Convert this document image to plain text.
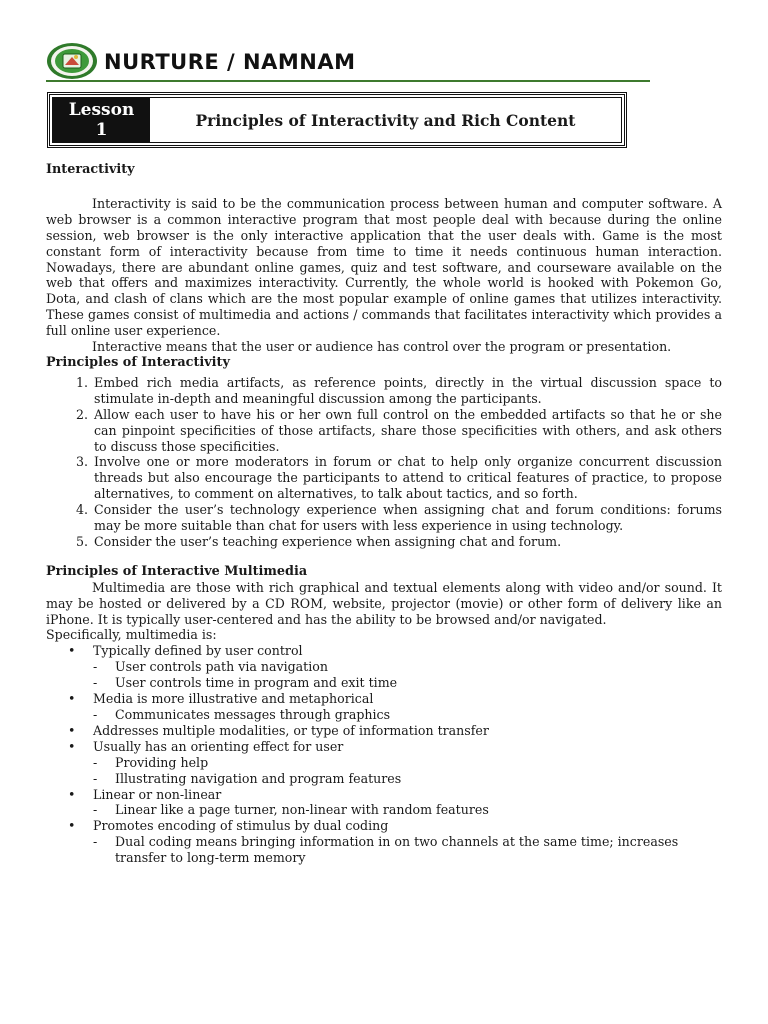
NURTURE / NAMNAM
Lesson
1	Principles of Interactivity and Rich Content
Interactivity

Interactivity is said to be the communication process between human and computer software. A web browser is a common interactive program that most people deal with because during the online session, web browser is the only interactive application that the user deals with. Game is the most constant form of interactivity because from time to time it needs continuous human interaction. Nowadays, there are abundant online games, quiz and test software, and courseware available on the web that offers and maximizes interactivity. Currently, the whole world is hooked with Pokemon Go, Dota, and clash of clans which are the most popular example of online games that utilizes interactivity. These games consist of multimedia and actions / commands that facilitates interactivity which provides a full online user experience.

Interactive means that the user or audience has control over the program or presentation.

Principles of Interactivity
1. Embed rich media artifacts, as reference points, directly in the virtual discussion space to stimulate in-depth and meaningful discussion among the participants.
2. Allow each user to have his or her own full control on the embedded artifacts so that he or she can pinpoint specificities of those artifacts, share those specificities with others, and ask others to discuss those specificities.
3. Involve one or more moderators in forum or chat to help only organize concurrent discussion threads but also encourage the participants to attend to critical features of practice, to propose alternatives, to comment on alternatives, to talk about tactics, and so forth.
4. Consider the user’s technology experience when assigning chat and forum conditions: forums may be more suitable than chat for users with less experience in using technology.
5. Consider the user’s teaching experience when assigning chat and forum.
Principles of Interactive Multimedia

Multimedia are those with rich graphical and textual elements along with video and/or sound. It may be hosted or delivered by a CD ROM, website, projector (movie) or other form of delivery like an iPhone. It is typically user-centered and has the ability to be browsed and/or navigated.

Specifically, multimedia is:

• Typically defined by user control
- User controls path via navigation
- User controls time in program and exit time
• Media is more illustrative and metaphorical
- Communicates messages through graphics
• Addresses multiple modalities, or type of information transfer
• Usually has an orienting effect for user
- Providing help
- Illustrating navigation and program features
• Linear or non-linear
- Linear like a page turner, non-linear with random features
• Promotes encoding of stimulus by dual coding
- Dual coding means bringing information in on two channels at the same time; increases transfer to long-term memory
